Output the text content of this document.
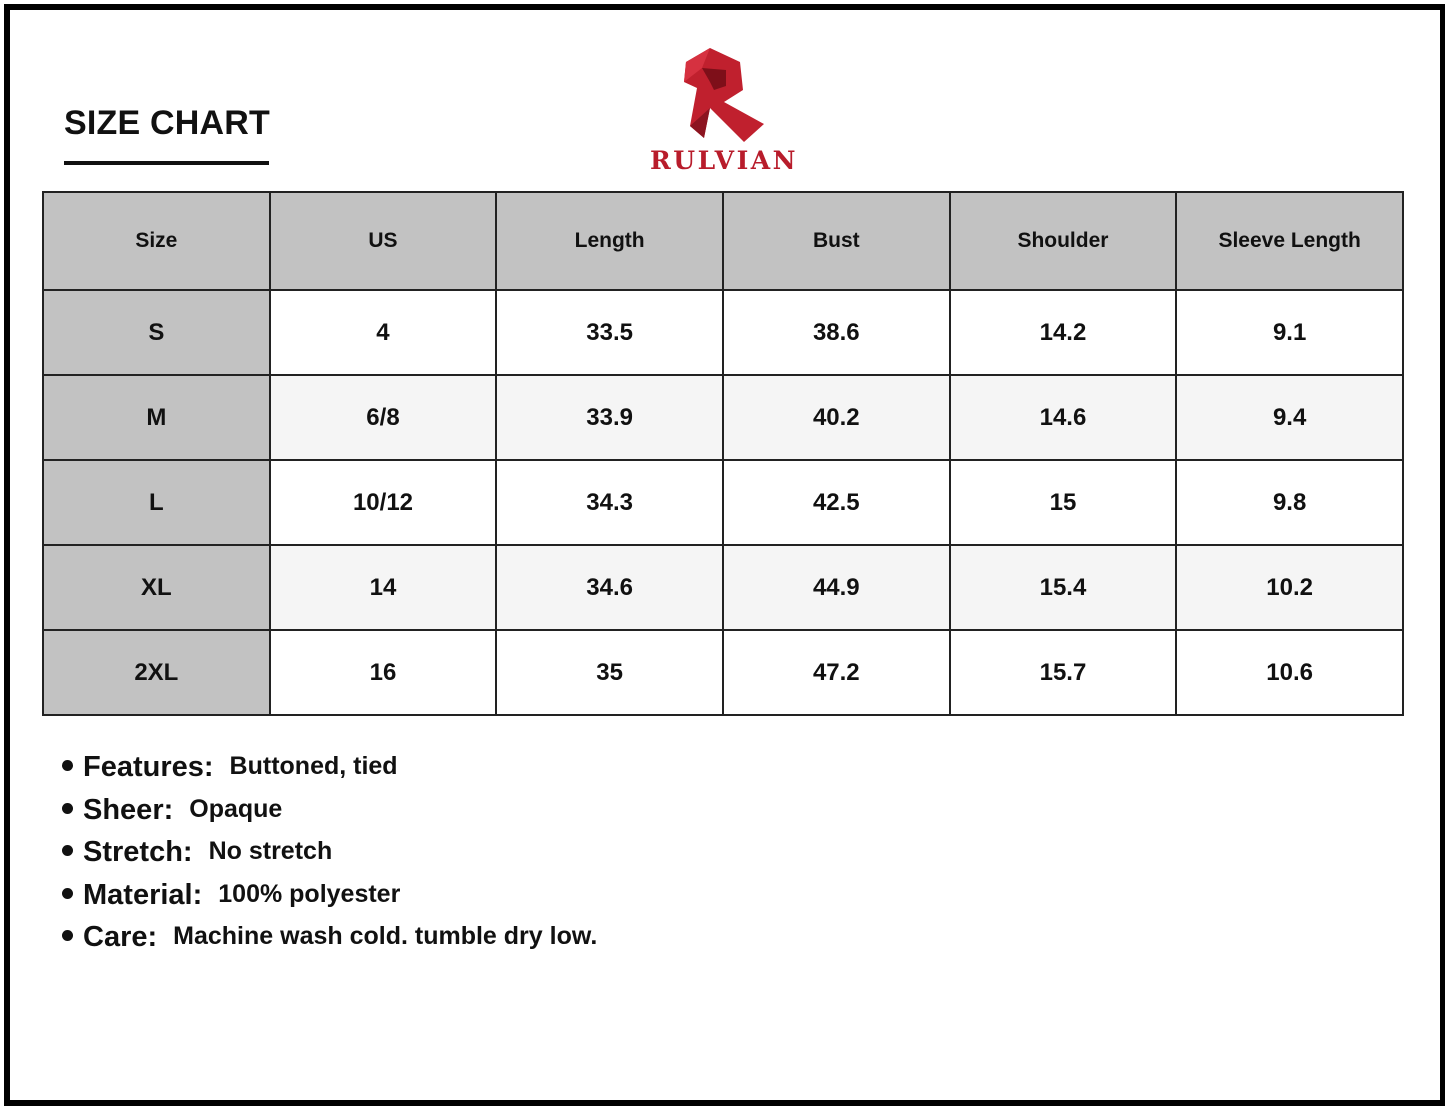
SIZE CHART
RULVIAN
Size	US	Length	Bust	Shoulder	Sleeve Length
S	4	33.5	38.6	14.2	9.1
M	6/8	33.9	40.2	14.6	9.4
L	10/12	34.3	42.5	15	9.8
XL	14	34.6	44.9	15.4	10.2
2XL	16	35	47.2	15.7	10.6
Features: Buttoned, tied
Sheer: Opaque
Stretch: No stretch
Material: 100% polyester
Care: Machine wash cold. tumble dry low.
